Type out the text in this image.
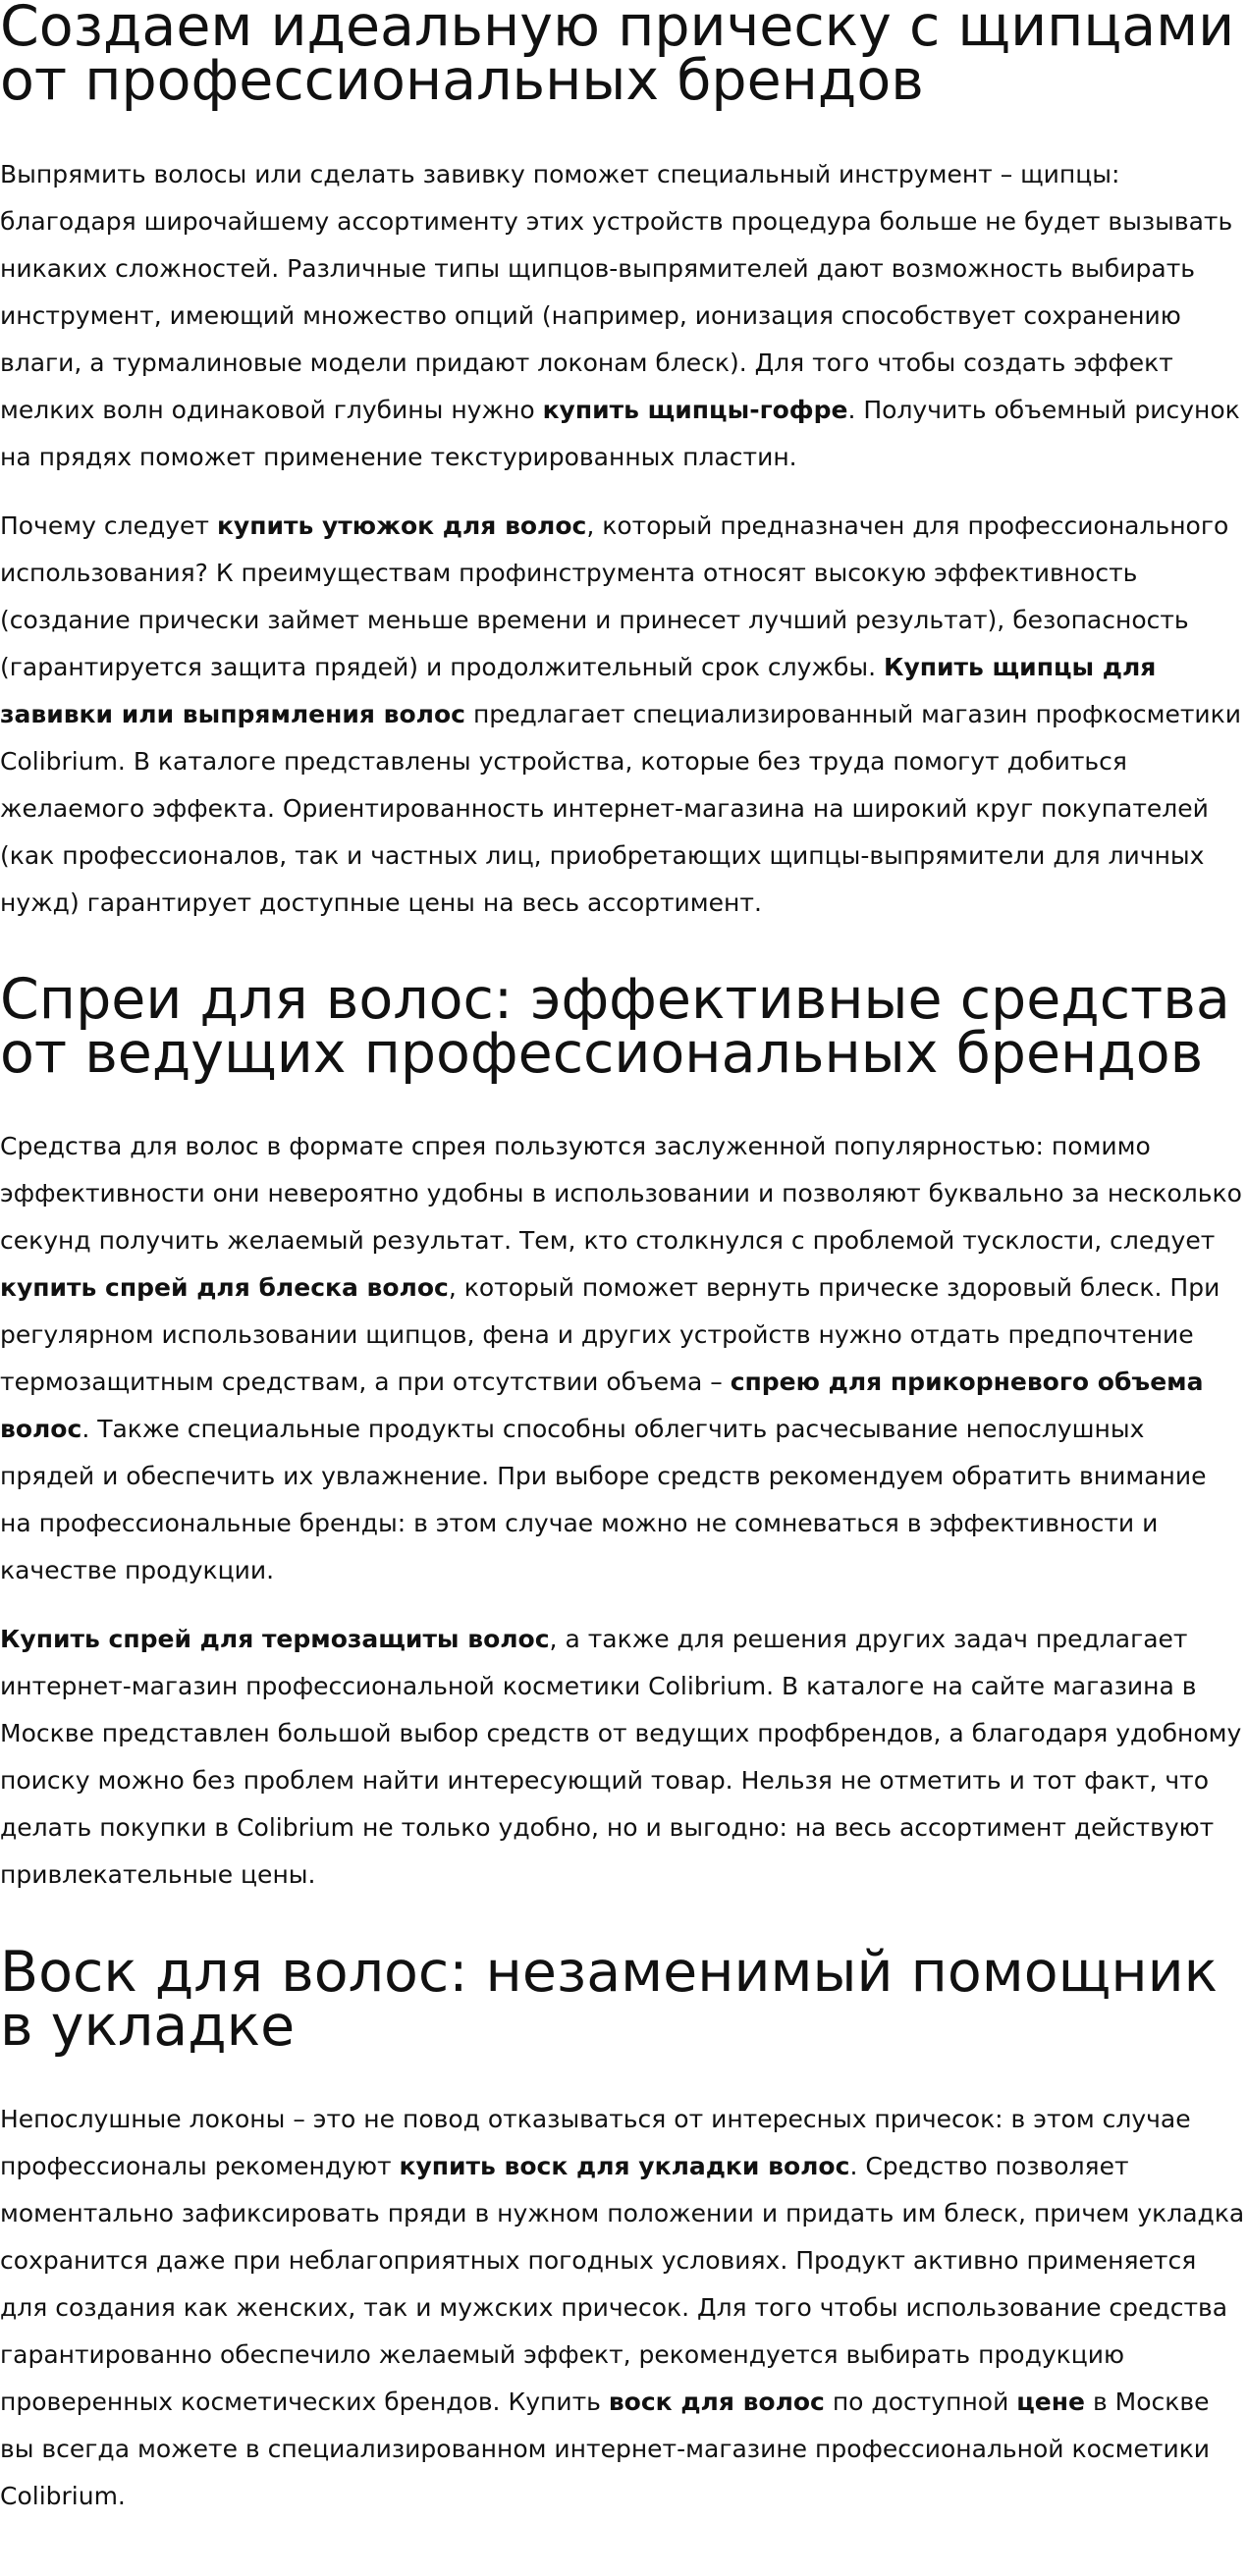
Создаем идеальную прическу с щипцами от профессиональных брендов

Выпрямить волосы или сделать завивку поможет специальный инструмент – щипцы: благодаря широчайшему ассортименту этих устройств процедура больше не будет вызывать никаких сложностей. Различные типы щипцов-выпрямителей дают возможность выбирать инструмент, имеющий множество опций (например, ионизация способствует сохранению влаги, а турмалиновые модели придают локонам блеск). Для того чтобы создать эффект мелких волн одинаковой глубины нужно купить щипцы-гофре. Получить объемный рисунок на прядях поможет применение текстурированных пластин.

Почему следует купить утюжок для волос, который предназначен для профессионального использования? К преимуществам профинструмента относят высокую эффективность (создание прически займет меньше времени и принесет лучший результат), безопасность (гарантируется защита прядей) и продолжительный срок службы. Купить щипцы для завивки или выпрямления волос предлагает специализированный магазин профкосметики Colibrium. В каталоге представлены устройства, которые без труда помогут добиться желаемого эффекта. Ориентированность интернет-магазина на широкий круг покупателей (как профессионалов, так и частных лиц, приобретающих щипцы-выпрямители для личных нужд) гарантирует доступные цены на весь ассортимент.

Спреи для волос: эффективные средства от ведущих профессиональных брендов

Средства для волос в формате спрея пользуются заслуженной популярностью: помимо эффективности они невероятно удобны в использовании и позволяют буквально за несколько секунд получить желаемый результат. Тем, кто столкнулся с проблемой тусклости, следует купить спрей для блеска волос, который поможет вернуть прическе здоровый блеск. При регулярном использовании щипцов, фена и других устройств нужно отдать предпочтение термозащитным средствам, а при отсутствии объема – спрею для прикорневого объема волос. Также специальные продукты способны облегчить расчесывание непослушных прядей и обеспечить их увлажнение. При выборе средств рекомендуем обратить внимание на профессиональные бренды: в этом случае можно не сомневаться в эффективности и качестве продукции.

Купить спрей для термозащиты волос, а также для решения других задач предлагает интернет-магазин профессиональной косметики Colibrium. В каталоге на сайте магазина в Москве представлен большой выбор средств от ведущих профбрендов, а благодаря удобному поиску можно без проблем найти интересующий товар. Нельзя не отметить и тот факт, что делать покупки в Colibrium не только удобно, но и выгодно: на весь ассортимент действуют привлекательные цены.

Воск для волос: незаменимый помощник в укладке

Непослушные локоны – это не повод отказываться от интересных причесок: в этом случае профессионалы рекомендуют купить воск для укладки волос. Средство позволяет моментально зафиксировать пряди в нужном положении и придать им блеск, причем укладка сохранится даже при неблагоприятных погодных условиях. Продукт активно применяется для создания как женских, так и мужских причесок. Для того чтобы использование средства гарантированно обеспечило желаемый эффект, рекомендуется выбирать продукцию проверенных косметических брендов. Купить воск для волос по доступной цене в Москве вы всегда можете в специализированном интернет-магазине профессиональной косметики Colibrium.
